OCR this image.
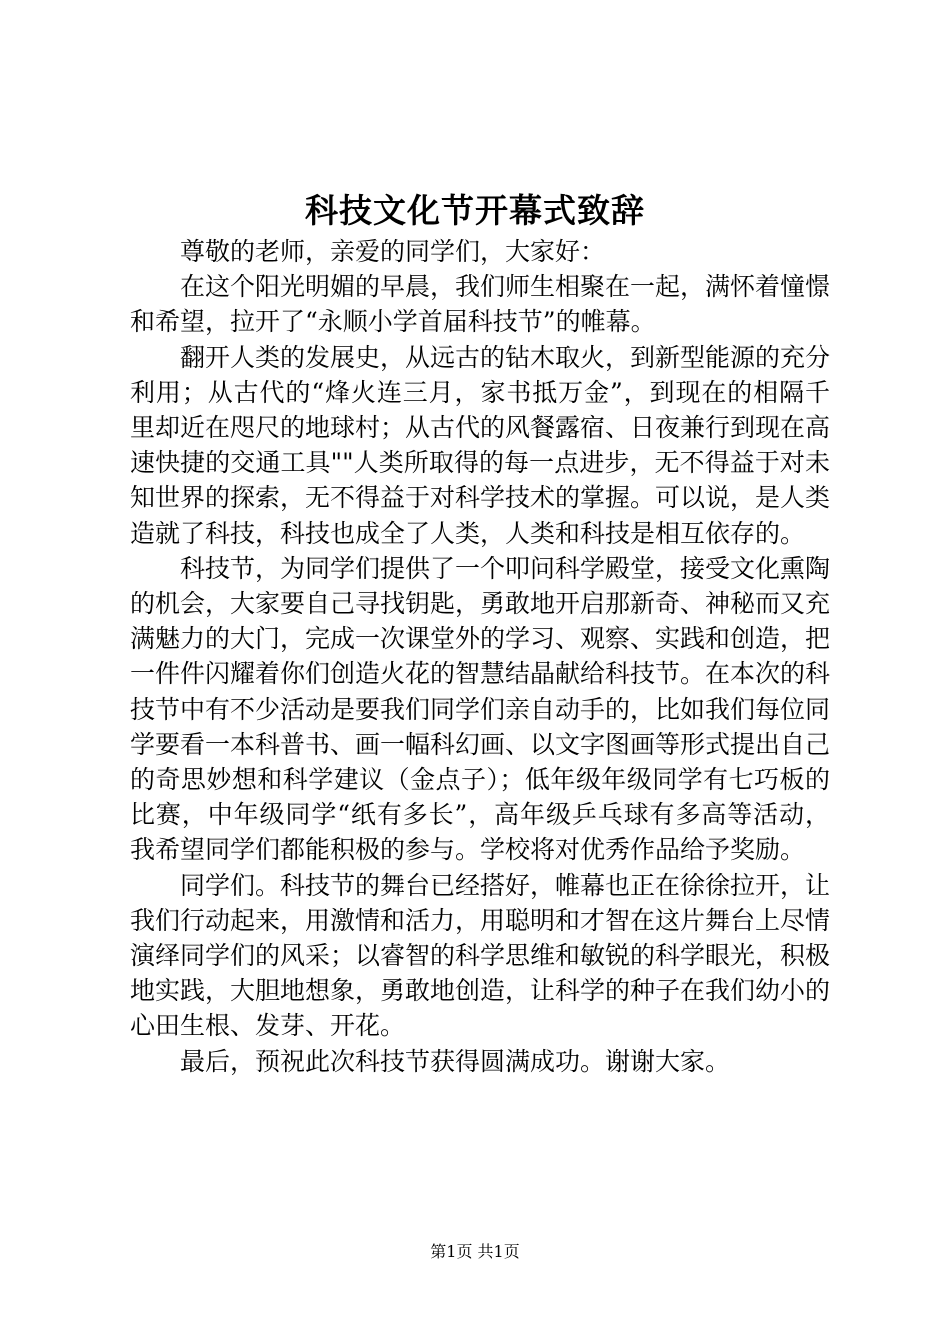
科技文化节开幕式致辞

尊敬的老师，亲爱的同学们，大家好：

在这个阳光明媚的早晨，我们师生相聚在一起，满怀着憧憬和希望，拉开了“永顺小学首届科技节”的帷幕。

翻开人类的发展史，从远古的钻木取火，到新型能源的充分利用；从古代的“烽火连三月，家书抵万金”，到现在的相隔千里却近在咫尺的地球村；从古代的风餐露宿、日夜兼行到现在高速快捷的交通工具""人类所取得的每一点进步，无不得益于对未知世界的探索，无不得益于对科学技术的掌握。可以说，是人类造就了科技，科技也成全了人类，人类和科技是相互依存的。

科技节，为同学们提供了一个叩问科学殿堂，接受文化熏陶的机会，大家要自己寻找钥匙，勇敢地开启那新奇、神秘而又充满魅力的大门，完成一次课堂外的学习、观察、实践和创造，把一件件闪耀着你们创造火花的智慧结晶献给科技节。在本次的科技节中有不少活动是要我们同学们亲自动手的，比如我们每位同学要看一本科普书、画一幅科幻画、以文字图画等形式提出自己的奇思妙想和科学建议（金点子）；低年级年级同学有七巧板的比赛，中年级同学“纸有多长”，高年级乒乓球有多高等活动，我希望同学们都能积极的参与。学校将对优秀作品给予奖励。

同学们。科技节的舞台已经搭好，帷幕也正在徐徐拉开，让我们行动起来，用激情和活力，用聪明和才智在这片舞台上尽情演绎同学们的风采；以睿智的科学思维和敏锐的科学眼光，积极地实践，大胆地想象，勇敢地创造，让科学的种子在我们幼小的心田生根、发芽、开花。

最后，预祝此次科技节获得圆满成功。谢谢大家。

第1页 共1页
